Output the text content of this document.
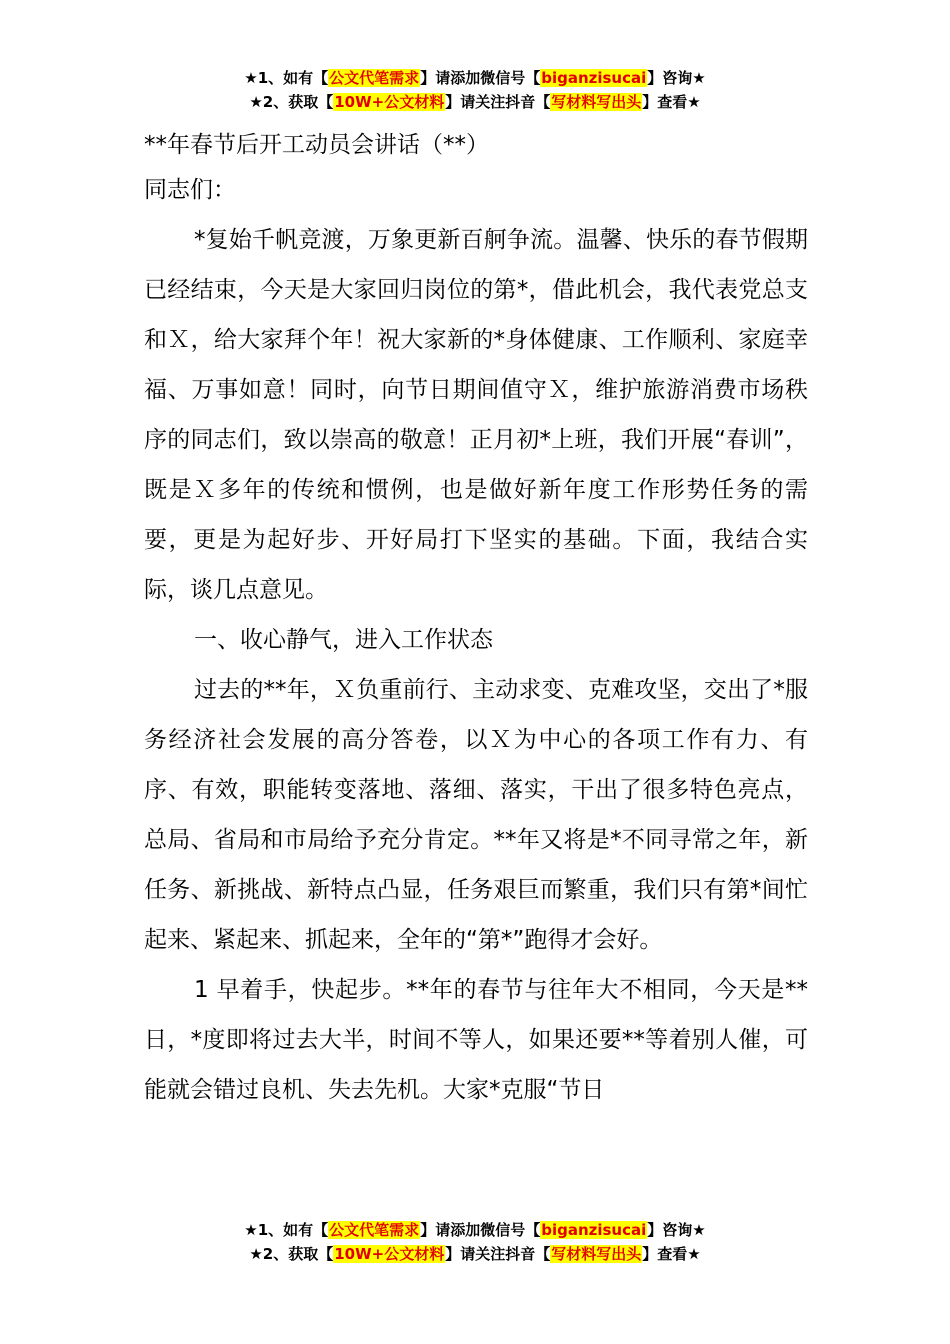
★1、如有【公文代笔需求】请添加微信号【biganzisucai】咨询★
★2、获取【10W+公文材料】请关注抖音【写材料写出头】查看★

**年春节后开工动员会讲话（**）

同志们：

*复始千帆竞渡，万象更新百舸争流。温馨、快乐的春节假期已经结束，今天是大家回归岗位的第*，借此机会，我代表党总支和Ｘ，给大家拜个年！祝大家新的*身体健康、工作顺利、家庭幸福、万事如意！同时，向节日期间值守Ｘ，维护旅游消费市场秩序的同志们，致以崇高的敬意！正月初*上班，我们开展“春训”，既是Ｘ多年的传统和惯例，也是做好新年度工作形势任务的需要，更是为起好步、开好局打下坚实的基础。下面，我结合实际，谈几点意见。

一、收心静气，进入工作状态

过去的**年，Ｘ负重前行、主动求变、克难攻坚，交出了*服务经济社会发展的高分答卷，以Ｘ为中心的各项工作有力、有序、有效，职能转变落地、落细、落实，干出了很多特色亮点，总局、省局和市局给予充分肯定。**年又将是*不同寻常之年，新任务、新挑战、新特点凸显，任务艰巨而繁重，我们只有第*间忙起来、紧起来、抓起来，全年的“第*”跑得才会好。

1 早着手，快起步。**年的春节与往年大不相同，今天是**日，*度即将过去大半，时间不等人，如果还要**等着别人催，可能就会错过良机、失去先机。大家*克服“节日

★1、如有【公文代笔需求】请添加微信号【biganzisucai】咨询★
★2、获取【10W+公文材料】请关注抖音【写材料写出头】查看★
